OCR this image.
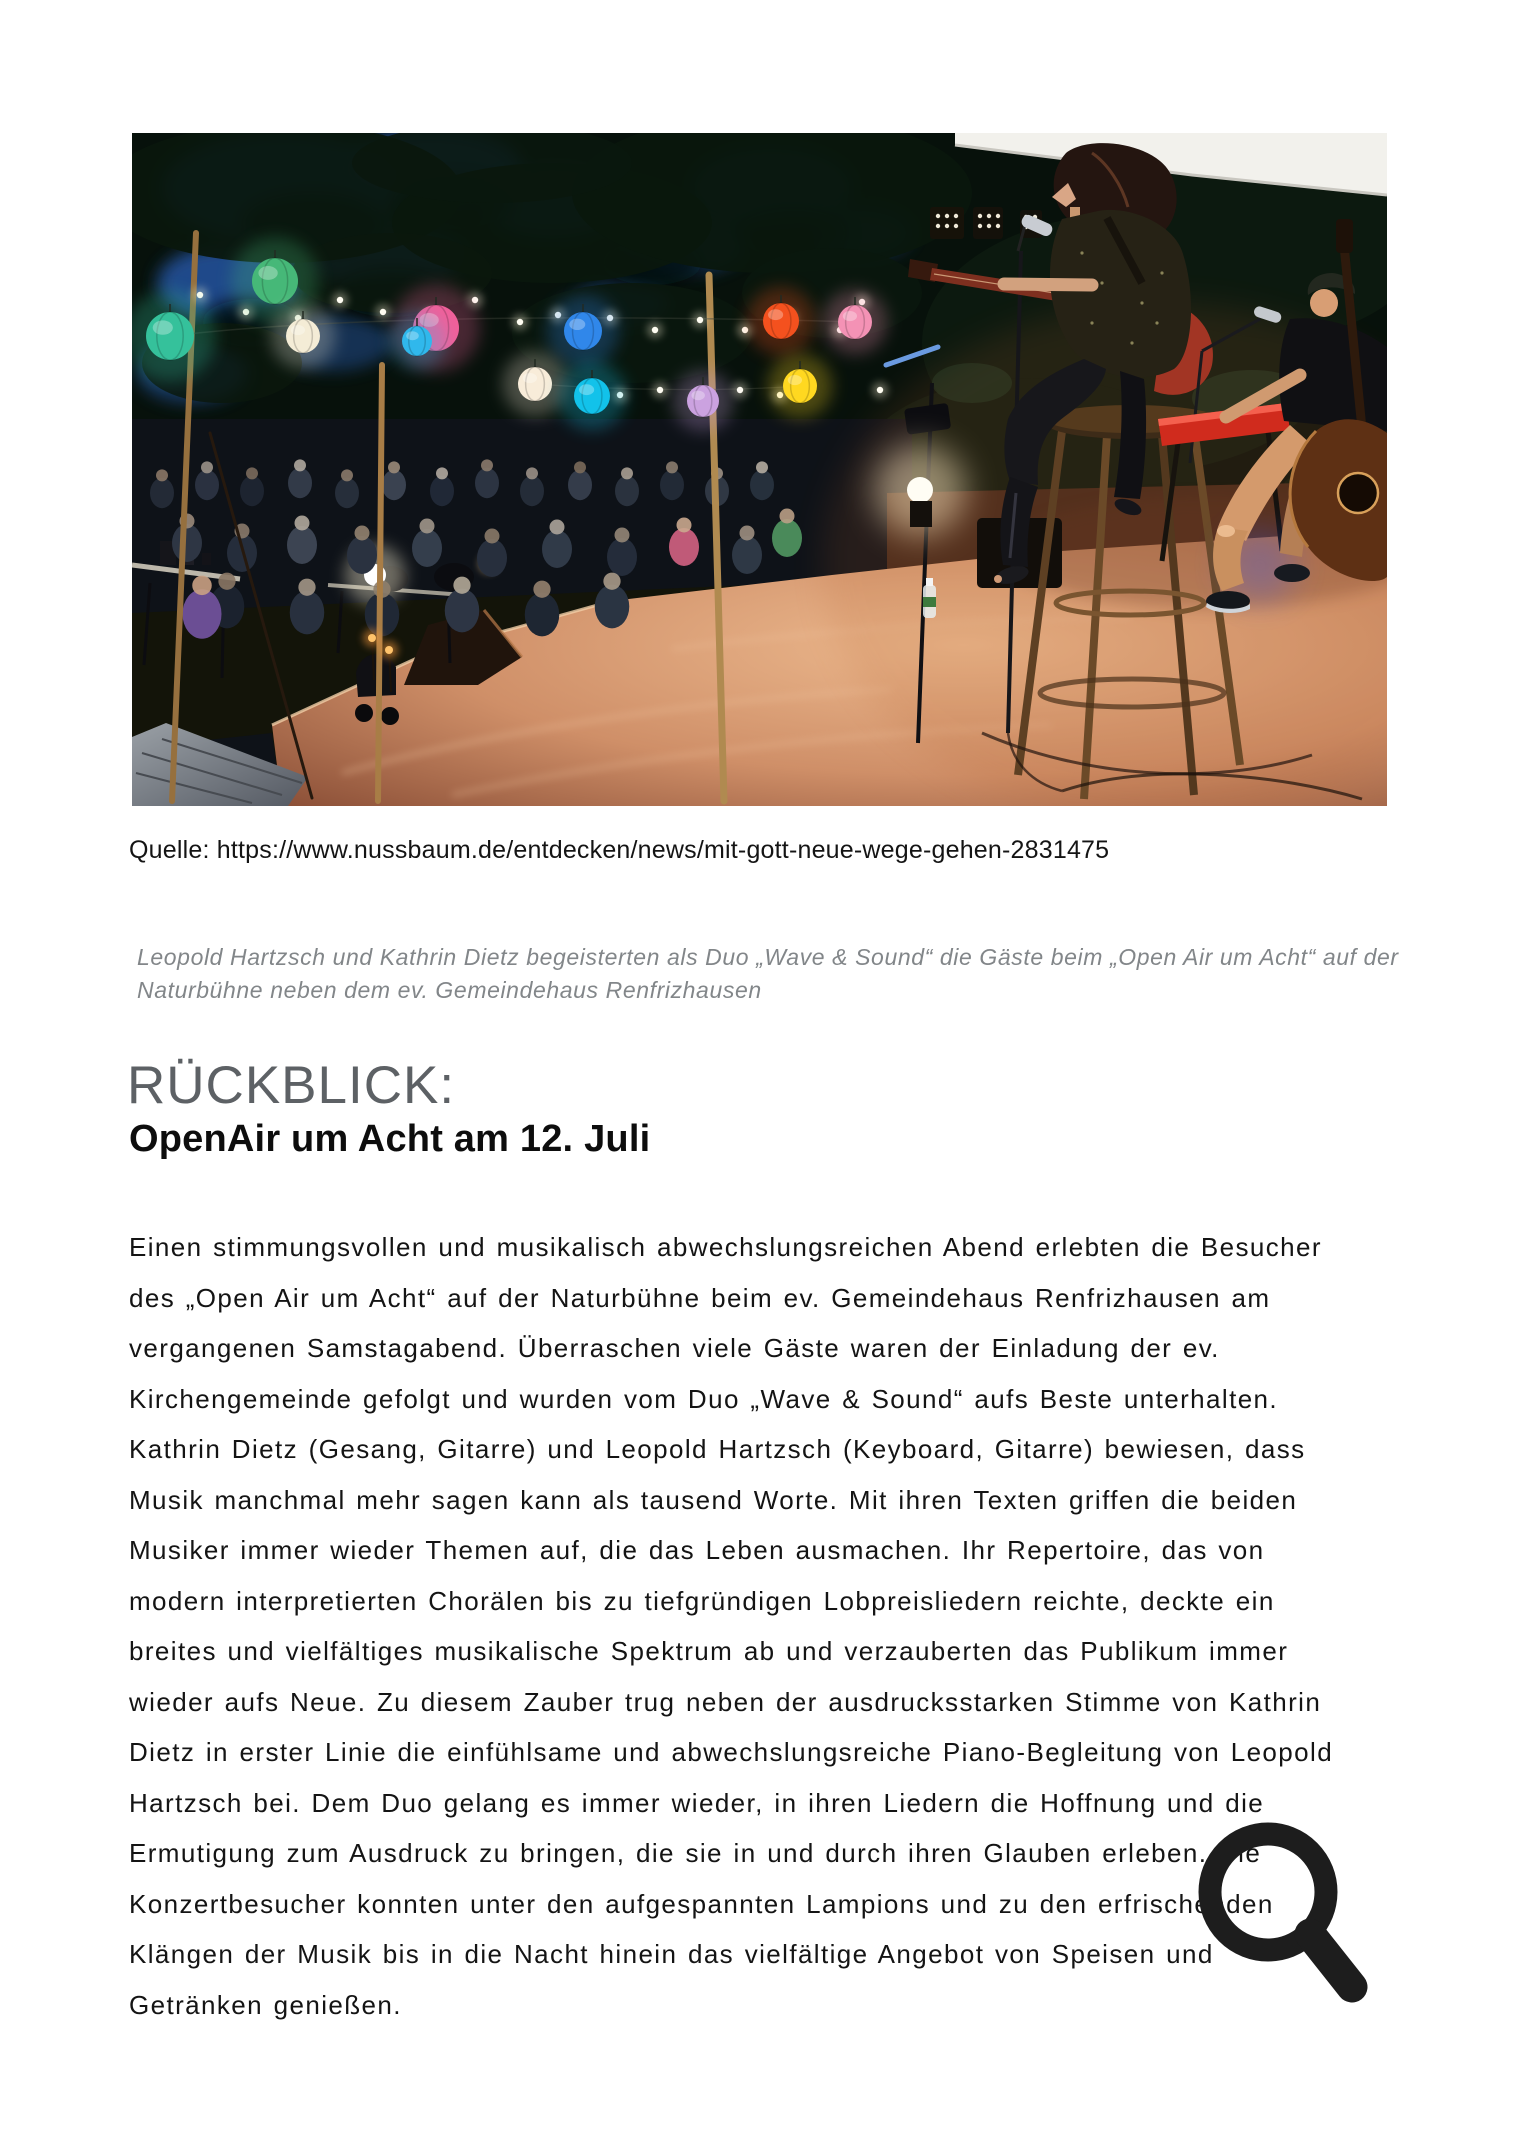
Quelle: https://www.nussbaum.de/entdecken/news/mit-gott-neue-wege-gehen-2831475
Leopold Hartzsch und Kathrin Dietz begeisterten als Duo „Wave & Sound“ die Gäste beim „Open Air um Acht“ auf der
Naturbühne neben dem ev. Gemeindehaus Renfrizhausen
RÜCKBLICK:
OpenAir um Acht am 12. Juli
Einen stimmungsvollen und musikalisch abwechslungsreichen Abend erlebten die Besucher
des „Open Air um Acht“ auf der Naturbühne beim ev. Gemeindehaus Renfrizhausen am
vergangenen Samstagabend. Überraschen viele Gäste waren der Einladung der ev.
Kirchengemeinde gefolgt und wurden vom Duo „Wave & Sound“ aufs Beste unterhalten.
Kathrin Dietz (Gesang, Gitarre) und Leopold Hartzsch (Keyboard, Gitarre) bewiesen, dass
Musik manchmal mehr sagen kann als tausend Worte. Mit ihren Texten griffen die beiden
Musiker immer wieder Themen auf, die das Leben ausmachen. Ihr Repertoire, das von
modern interpretierten Chorälen bis zu tiefgründigen Lobpreisliedern reichte, deckte ein
breites und vielfältiges musikalische Spektrum ab und verzauberten das Publikum immer
wieder aufs Neue. Zu diesem Zauber trug neben der ausdrucksstarken Stimme von Kathrin
Dietz in erster Linie die einfühlsame und abwechslungsreiche Piano-Begleitung von Leopold
Hartzsch bei. Dem Duo gelang es immer wieder, in ihren Liedern die Hoffnung und die
Ermutigung zum Ausdruck zu bringen, die sie in und durch ihren Glauben erleben. Die
Konzertbesucher konnten unter den aufgespannten Lampions und zu den erfrischenden
Klängen der Musik bis in die Nacht hinein das vielfältige Angebot von Speisen und
Getränken genießen.
